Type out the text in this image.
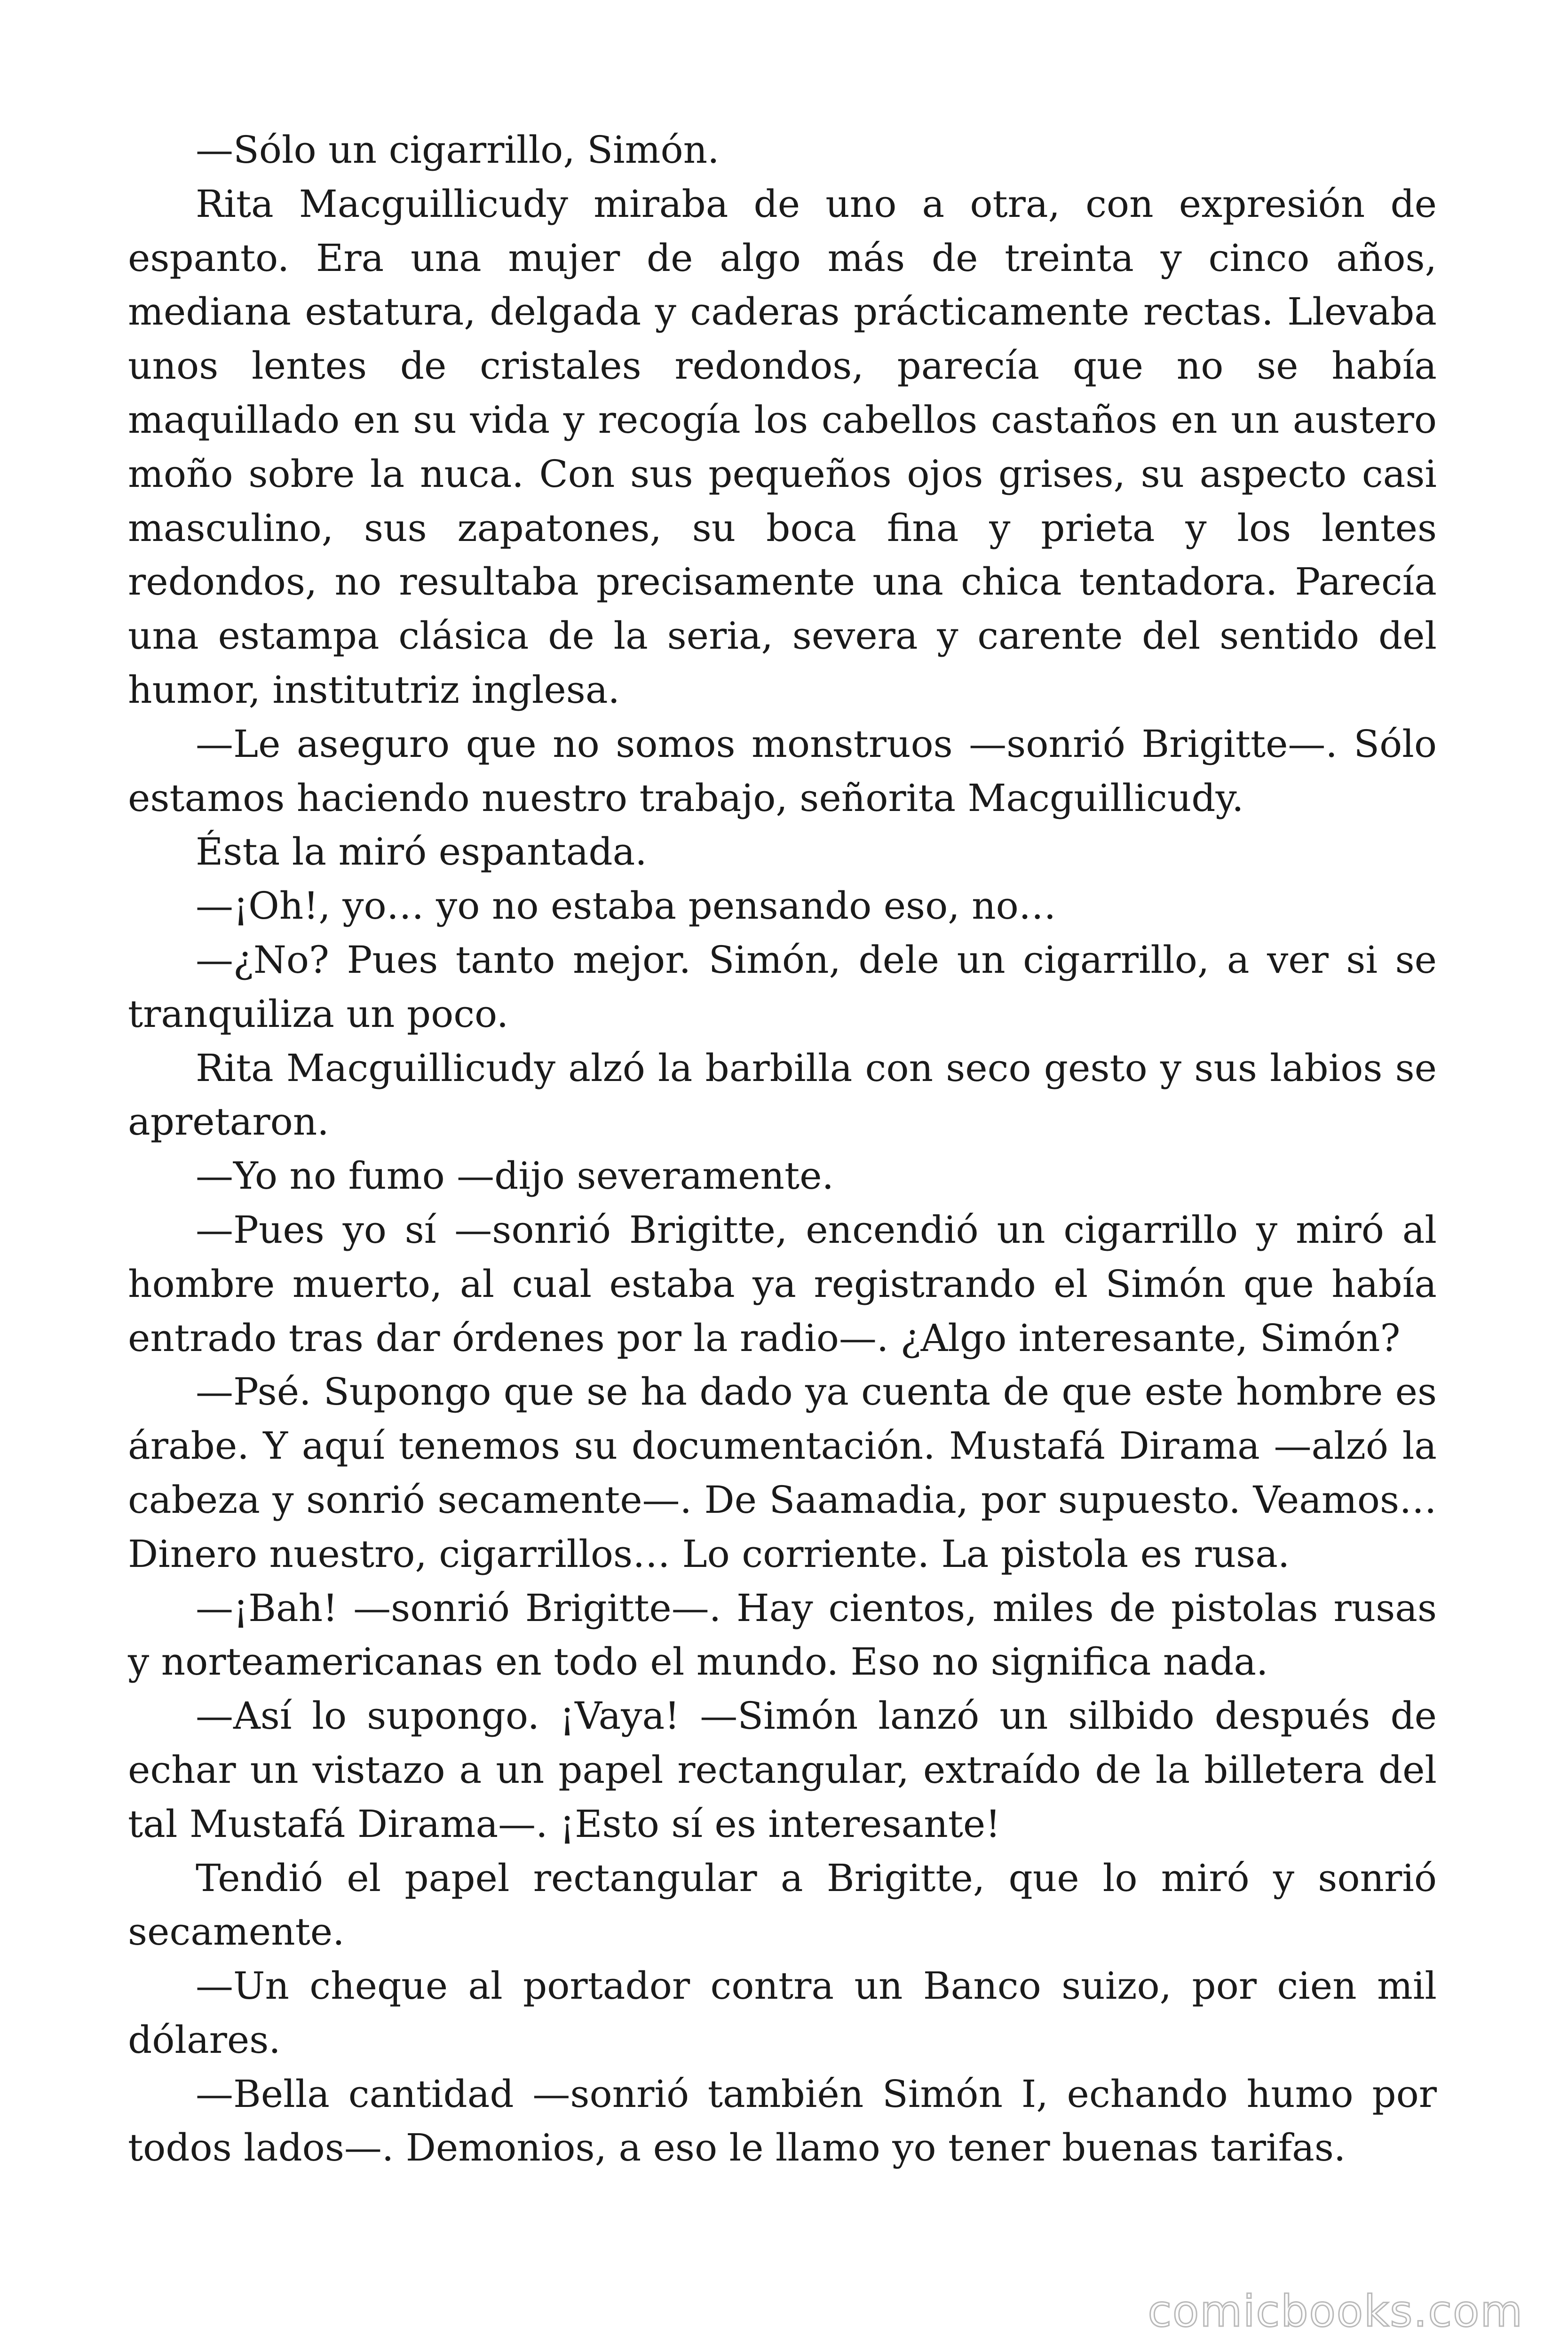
—Sólo un cigarrillo, Simón.

Rita Macguillicudy miraba de uno a otra, con expresión de espanto. Era una mujer de algo más de treinta y cinco años, mediana estatura, delgada y caderas prácticamente rectas. Llevaba unos lentes de cristales redondos, parecía que no se había maquillado en su vida y recogía los cabellos castaños en un austero moño sobre la nuca. Con sus pequeños ojos grises, su aspecto casi masculino, sus zapatones, su boca fina y prieta y los lentes redondos, no resultaba precisamente una chica tentadora. Parecía una estampa clásica de la seria, severa y carente del sentido del humor, institutriz inglesa.

—Le aseguro que no somos monstruos —sonrió Brigitte—. Sólo estamos haciendo nuestro trabajo, señorita Macguillicudy.

Ésta la miró espantada.

—¡Oh!, yo… yo no estaba pensando eso, no…

—¿No? Pues tanto mejor. Simón, dele un cigarrillo, a ver si se tranquiliza un poco.

Rita Macguillicudy alzó la barbilla con seco gesto y sus labios se apretaron.

—Yo no fumo —dijo severamente.

—Pues yo sí —sonrió Brigitte, encendió un cigarrillo y miró al hombre muerto, al cual estaba ya registrando el Simón que había entrado tras dar órdenes por la radio—. ¿Algo interesante, Simón?

—Psé. Supongo que se ha dado ya cuenta de que este hombre es árabe. Y aquí tenemos su documentación. Mustafá Dirama —alzó la cabeza y sonrió secamente—. De Saamadia, por supuesto. Veamos… Dinero nuestro, cigarrillos… Lo corriente. La pistola es rusa.

—¡Bah! —sonrió Brigitte—. Hay cientos, miles de pistolas rusas y norteamericanas en todo el mundo. Eso no significa nada.

—Así lo supongo. ¡Vaya! —Simón lanzó un silbido después de echar un vistazo a un papel rectangular, extraído de la billetera del tal Mustafá Dirama—. ¡Esto sí es interesante!

Tendió el papel rectangular a Brigitte, que lo miró y sonrió secamente.

—Un cheque al portador contra un Banco suizo, por cien mil dólares.

—Bella cantidad —sonrió también Simón I, echando humo por todos lados—. Demonios, a eso le llamo yo tener buenas tarifas.

comicbooks.com
